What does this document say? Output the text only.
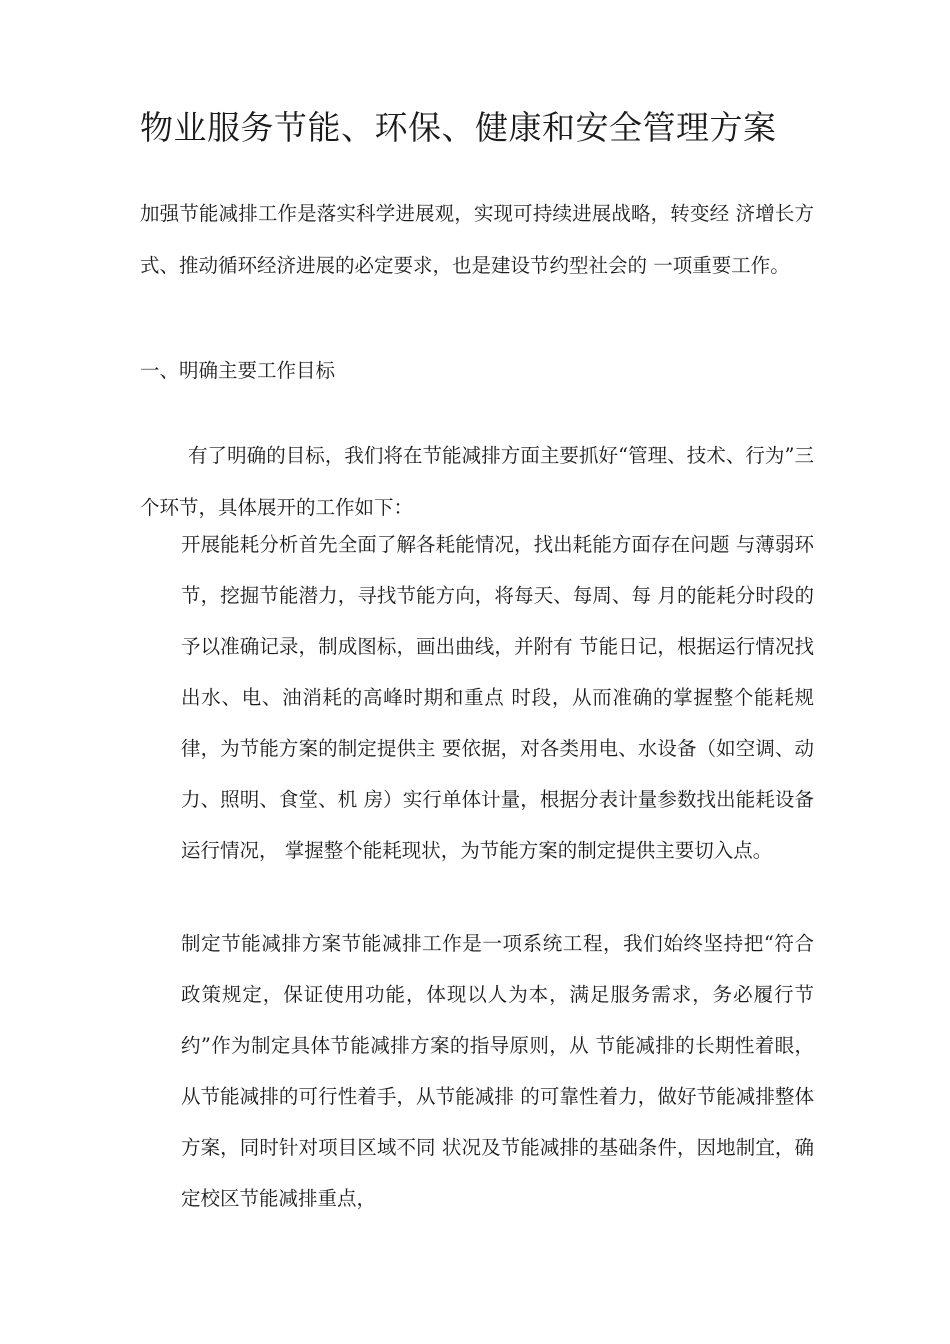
物业服务节能、环保、健康和安全管理方案
加强节能减排工作是落实科学进展观，实现可持续进展战略，转变经 济增长方式、推动循环经济进展的必定要求，也是建设节约型社会的 一项重要工作。
一、明确主要工作目标
有了明确的目标，我们将在节能减排方面主要抓好“管理、技术、行为”三个环节，具体展开的工作如下：
开展能耗分析首先全面了解各耗能情况，找出耗能方面存在问题 与薄弱环节，挖掘节能潜力，寻找节能方向，将每天、每周、每 月的能耗分时段的予以准确记录，制成图标，画出曲线，并附有 节能日记，根据运行情况找出水、电、油消耗的高峰时期和重点 时段，从而准确的掌握整个能耗规律，为节能方案的制定提供主 要依据，对各类用电、水设备（如空调、动力、照明、食堂、机 房）实行单体计量，根据分表计量参数找出能耗设备运行情况， 掌握整个能耗现状，为节能方案的制定提供主要切入点。
制定节能减排方案节能减排工作是一项系统工程，我们始终坚持把“符合政策规定，保证使用功能，体现以人为本，满足服务需求，务必履行节约”作为制定具体节能减排方案的指导原则，从 节能减排的长期性着眼，从节能减排的可行性着手，从节能减排 的可靠性着力，做好节能减排整体方案，同时针对项目区域不同 状况及节能减排的基础条件，因地制宜，确定校区节能减排重点，
